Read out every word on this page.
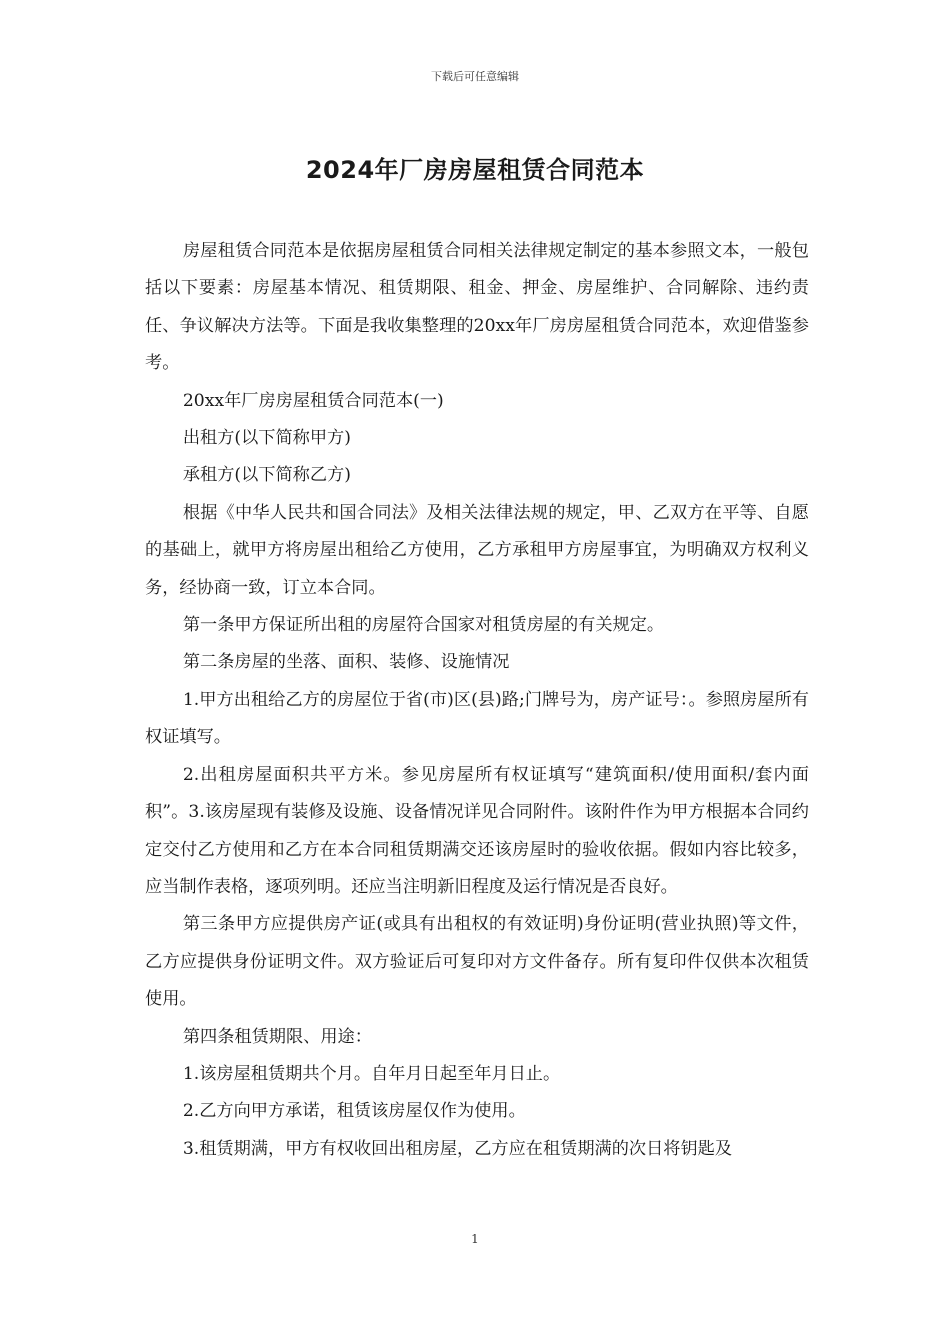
下载后可任意编辑
2024年厂房房屋租赁合同范本

房屋租赁合同范本是依据房屋租赁合同相关法律规定制定的基本参照文本，一般包括以下要素：房屋基本情况、租赁期限、租金、押金、房屋维护、合同解除、违约责任、争议解决方法等。下面是我收集整理的20xx年厂房房屋租赁合同范本，欢迎借鉴参考。

20xx年厂房房屋租赁合同范本(一)

出租方(以下简称甲方)

承租方(以下简称乙方)

根据《中华人民共和国合同法》及相关法律法规的规定，甲、乙双方在平等、自愿的基础上，就甲方将房屋出租给乙方使用，乙方承租甲方房屋事宜，为明确双方权利义务，经协商一致，订立本合同。

第一条甲方保证所出租的房屋符合国家对租赁房屋的有关规定。

第二条房屋的坐落、面积、装修、设施情况

1.甲方出租给乙方的房屋位于省(市)区(县)路;门牌号为，房产证号：。参照房屋所有权证填写。

2.出租房屋面积共平方米。参见房屋所有权证填写“建筑面积/使用面积/套内面积”。3.该房屋现有装修及设施、设备情况详见合同附件。该附件作为甲方根据本合同约定交付乙方使用和乙方在本合同租赁期满交还该房屋时的验收依据。假如内容比较多，应当制作表格，逐项列明。还应当注明新旧程度及运行情况是否良好。

第三条甲方应提供房产证(或具有出租权的有效证明)身份证明(营业执照)等文件，乙方应提供身份证明文件。双方验证后可复印对方文件备存。所有复印件仅供本次租赁使用。

第四条租赁期限、用途：

1.该房屋租赁期共个月。自年月日起至年月日止。

2.乙方向甲方承诺，租赁该房屋仅作为使用。

3.租赁期满，甲方有权收回出租房屋，乙方应在租赁期满的次日将钥匙及

1
